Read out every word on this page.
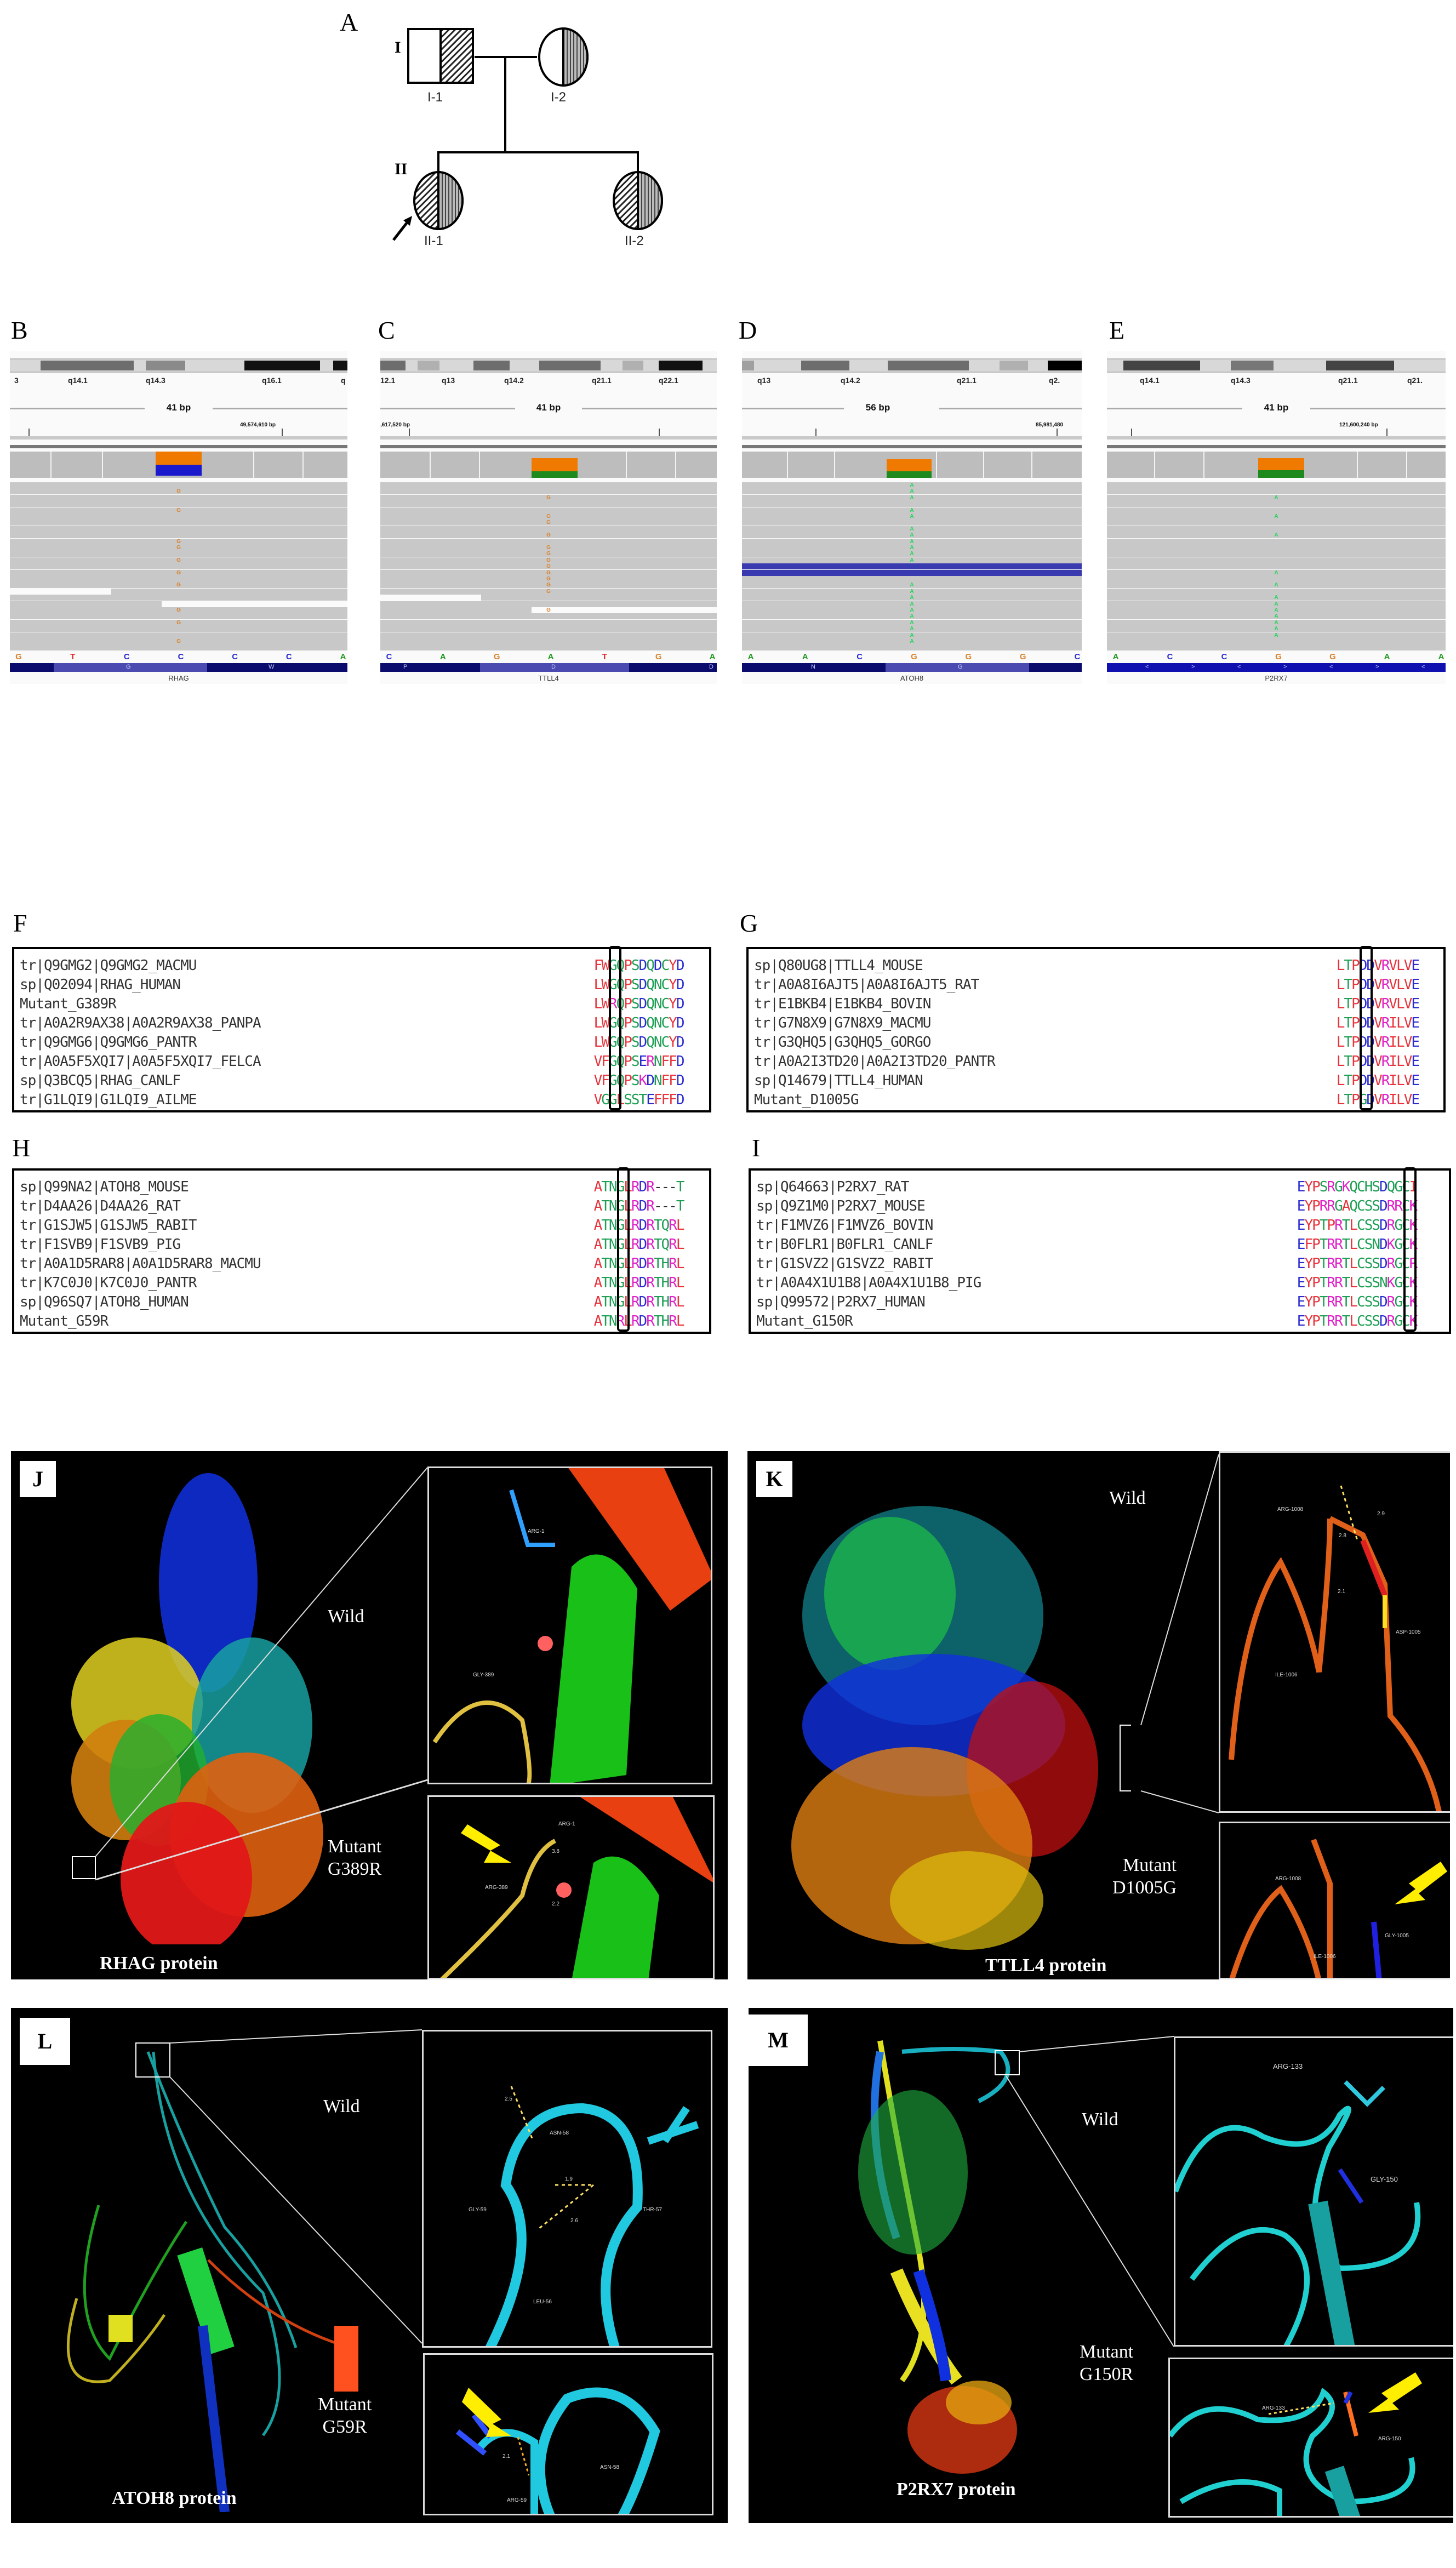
A
I
II
I-1	I-2
II-1	II-2
B
3	q14.1	q14.3	q16.1	q
41 bp
49,574,610 bp
G
G
G
G
G
G
G
G
G
G
G	T	C	C	C	C	A
G	W
RHAG
C
12.1	q13	q14.2	q21.1	q22.1
41 bp
,617,520 bp
G
G
G
G
G
G
G
G
G
G
G
G
G
C	A	G	A	T	G	A
P	D	D
TTLL4
D
q13	q14.2	q21.1	q2.
56 bp
85,981,480
A
A
A
A
A
A
A
A
A
A
A
A
A
A
A
A
A
A
A
A
A
A	A	C	G	G	G	C
N	G
ATOH8
E
q14.1	q14.3	q21.1	q21.
41 bp
121,600,240 bp
A
A
A
A
A
A
A
A
A
A
A
A
A	C	C	G	G	A	A
<	>	<	>	<	>	<
P2RX7
F
tr|Q9GMG2|Q9GMG2_MACMU	FWGQPSDQDCYD
sp|Q02094|RHAG_HUMAN	LWGQPSDQNCYD
Mutant_G389R	LWRQPSDQNCYD
tr|A0A2R9AX38|A0A2R9AX38_PANPA	LWGQPSDQNCYD
tr|Q9GMG6|Q9GMG6_PANTR	LWGQPSDQNCYD
tr|A0A5F5XQI7|A0A5F5XQI7_FELCA	VFGQPSERNFFD
sp|Q3BCQ5|RHAG_CANLF	VFGQPSKDNFFD
tr|G1LQI9|G1LQI9_AILME	VGGLSSTEFFFD
G
sp|Q80UG8|TTLL4_MOUSE	LTPDDVRVLVE
tr|A0A8I6AJT5|A0A8I6AJT5_RAT	LTPDDVRVLVE
tr|E1BKB4|E1BKB4_BOVIN	LTPDDVRVLVE
tr|G7N8X9|G7N8X9_MACMU	LTPDDVRILVE
tr|G3QHQ5|G3QHQ5_GORGO	LTPDDVRILVE
tr|A0A2I3TD20|A0A2I3TD20_PANTR	LTPDDVRILVE
sp|Q14679|TTLL4_HUMAN	LTPDDVRILVE
Mutant_D1005G	LTPGDVRILVE
H
sp|Q99NA2|ATOH8_MOUSE	ATNGLRDR---T
tr|D4AA26|D4AA26_RAT	ATNGLRDR---T
tr|G1SJW5|G1SJW5_RABIT	ATNGLRDRTQRL
tr|F1SVB9|F1SVB9_PIG	ATNGLRDRTQRL
tr|A0A1D5RAR8|A0A1D5RAR8_MACMU	ATNGLRDRTHRL
tr|K7C0J0|K7C0J0_PANTR	ATNGLRDRTHRL
sp|Q96SQ7|ATOH8_HUMAN	ATNGLRDRTHRL
Mutant_G59R	ATNRLRDRTHRL
I
sp|Q64663|P2RX7_RAT	EYPSRGKQCHSDQGCI
sp|Q9Z1M0|P2RX7_MOUSE	EYPRRGAQCSSDRRCK
tr|F1MVZ6|F1MVZ6_BOVIN	EYPTPRTLCSSDRGCK
tr|B0FLR1|B0FLR1_CANLF	EFPTRRTLCSNDKGCK
tr|G1SVZ2|G1SVZ2_RABIT	EYPTRRTLCSSDRGCR
tr|A0A4X1U1B8|A0A4X1U1B8_PIG	EYPTRRTLCSSNKGCK
sp|Q99572|P2RX7_HUMAN	EYPTRRTLCSSDRGCK
Mutant_G150R	EYPTRRTLCSSDRGCK
J
ARG-1
GLY-389
Wild
ARG-1
ARG-389
3.8
2.2
Mutant
G389R
RHAG protein
K
Wild
ARG-1008
ASP-1005
ILE-1006
2.9
2.8
2.1
ARG-1008
GLY-1005
ILE-1006
Mutant
D1005G
TTLL4 protein
L
Wild
ASN-58
GLY-59	THR-57
LEU-56
2.5
1.9
2.6
ARG-59
ASN-58
2.1
Mutant
G59R
ATOH8 protein
M
Wild
ARG-133
GLY-150
ARG-133
ARG-150
Mutant
G150R
P2RX7 protein
